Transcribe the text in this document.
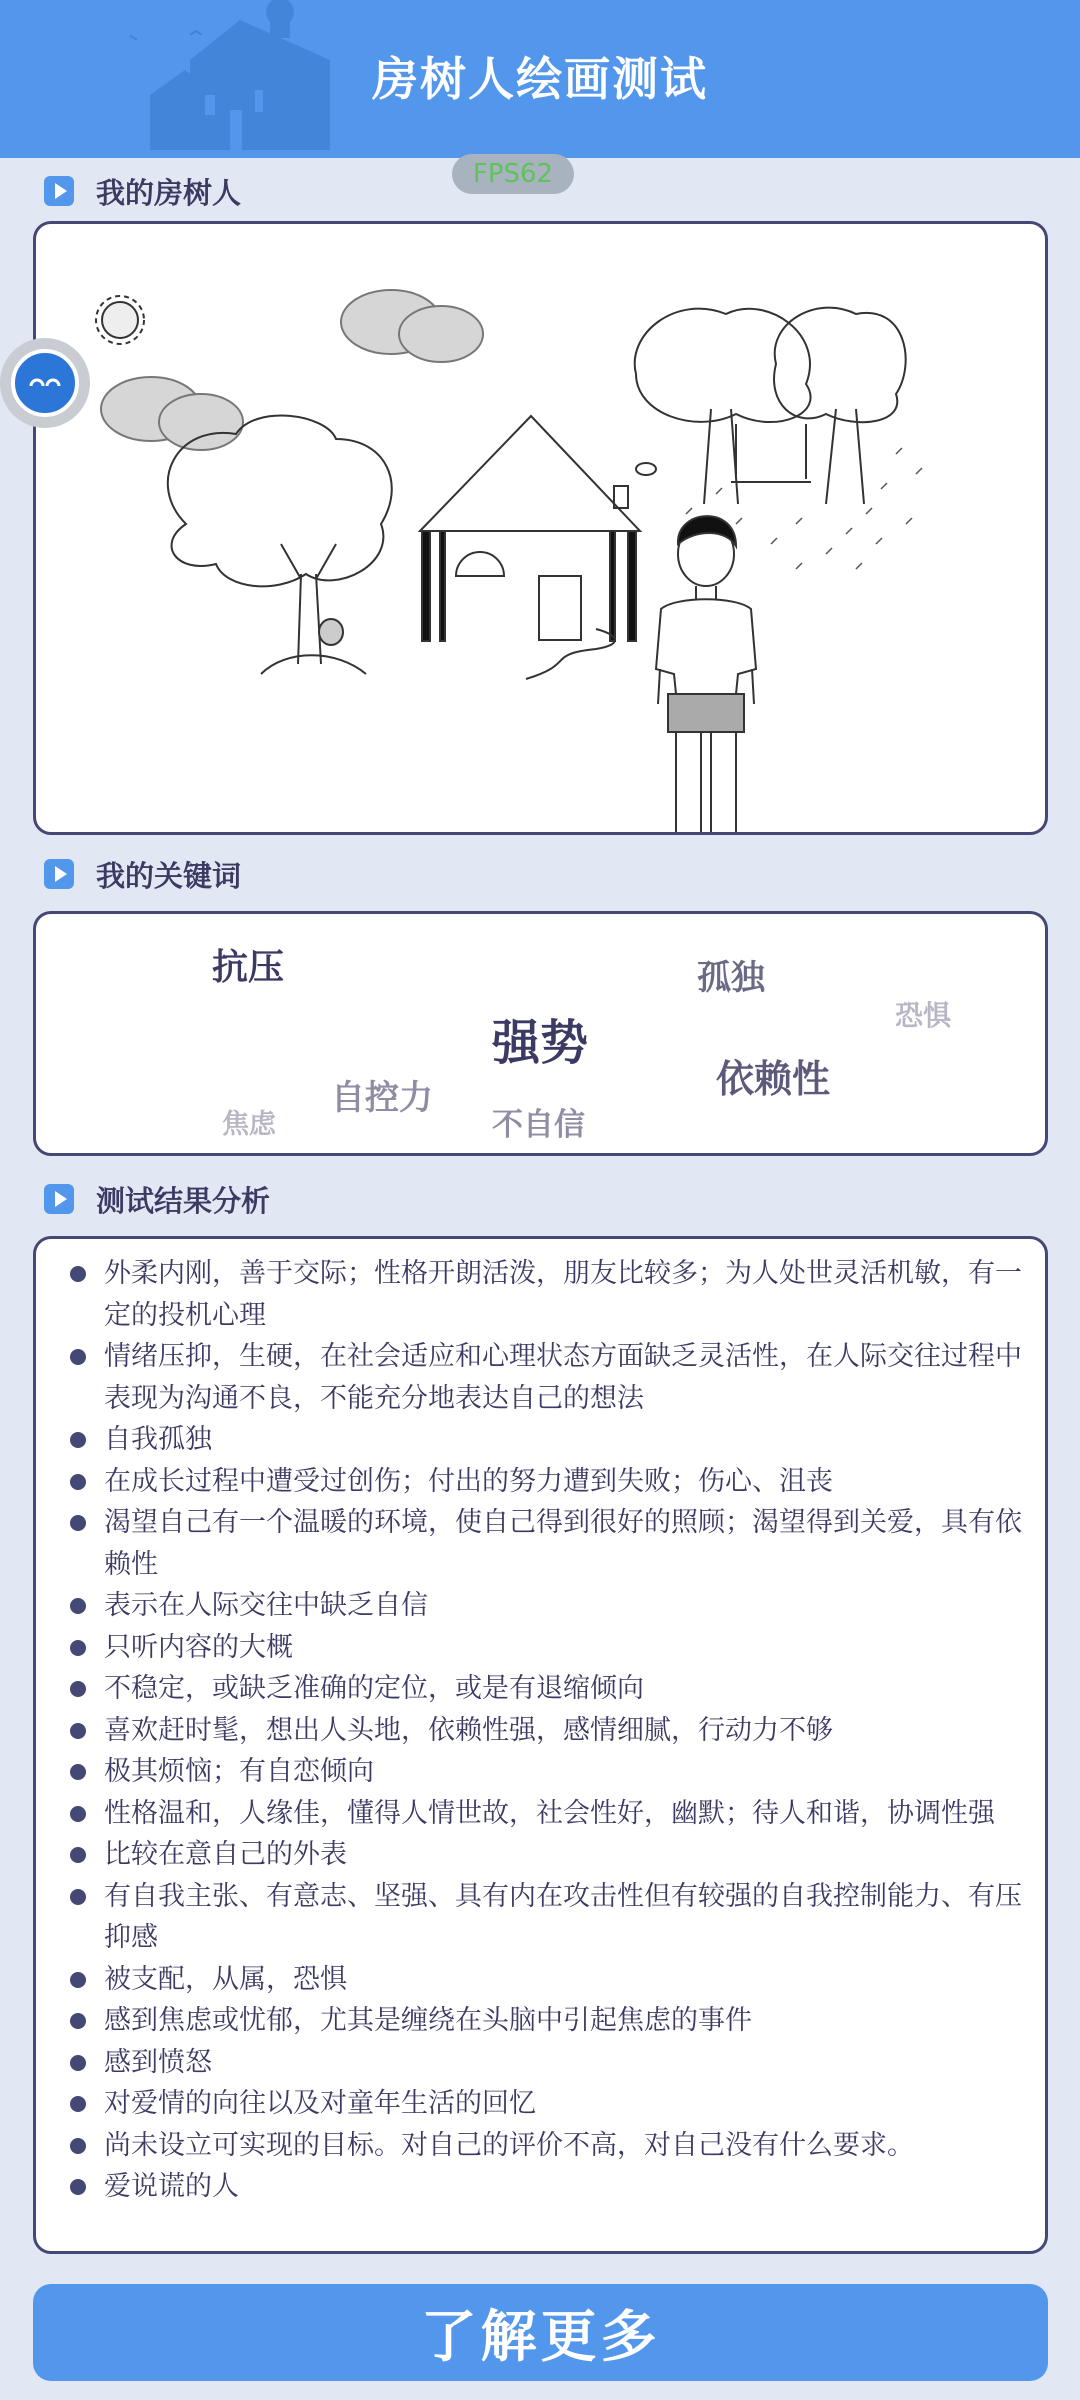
房树人绘画测试
FPS62
我的房树人
我的关键词
抗压	孤独
恐惧
强势
依赖性
自控力
焦虑	不自信
测试结果分析
外柔内刚，善于交际；性格开朗活泼，朋友比较多；为人处世灵活机敏，有一定的投机心理
情绪压抑，生硬，在社会适应和心理状态方面缺乏灵活性，在人际交往过程中表现为沟通不良，不能充分地表达自己的想法
自我孤独
在成长过程中遭受过创伤；付出的努力遭到失败；伤心、沮丧
渴望自己有一个温暖的环境，使自己得到很好的照顾；渴望得到关爱，具有依赖性
表示在人际交往中缺乏自信
只听内容的大概
不稳定，或缺乏准确的定位，或是有退缩倾向
喜欢赶时髦，想出人头地，依赖性强，感情细腻，行动力不够
极其烦恼；有自恋倾向
性格温和，人缘佳，懂得人情世故，社会性好，幽默；待人和谐，协调性强
比较在意自己的外表
有自我主张、有意志、坚强、具有内在攻击性但有较强的自我控制能力、有压抑感
被支配，从属，恐惧
感到焦虑或忧郁，尤其是缠绕在头脑中引起焦虑的事件
感到愤怒
对爱情的向往以及对童年生活的回忆
尚未设立可实现的目标。对自己的评价不高，对自己没有什么要求。
爱说谎的人
了解更多
